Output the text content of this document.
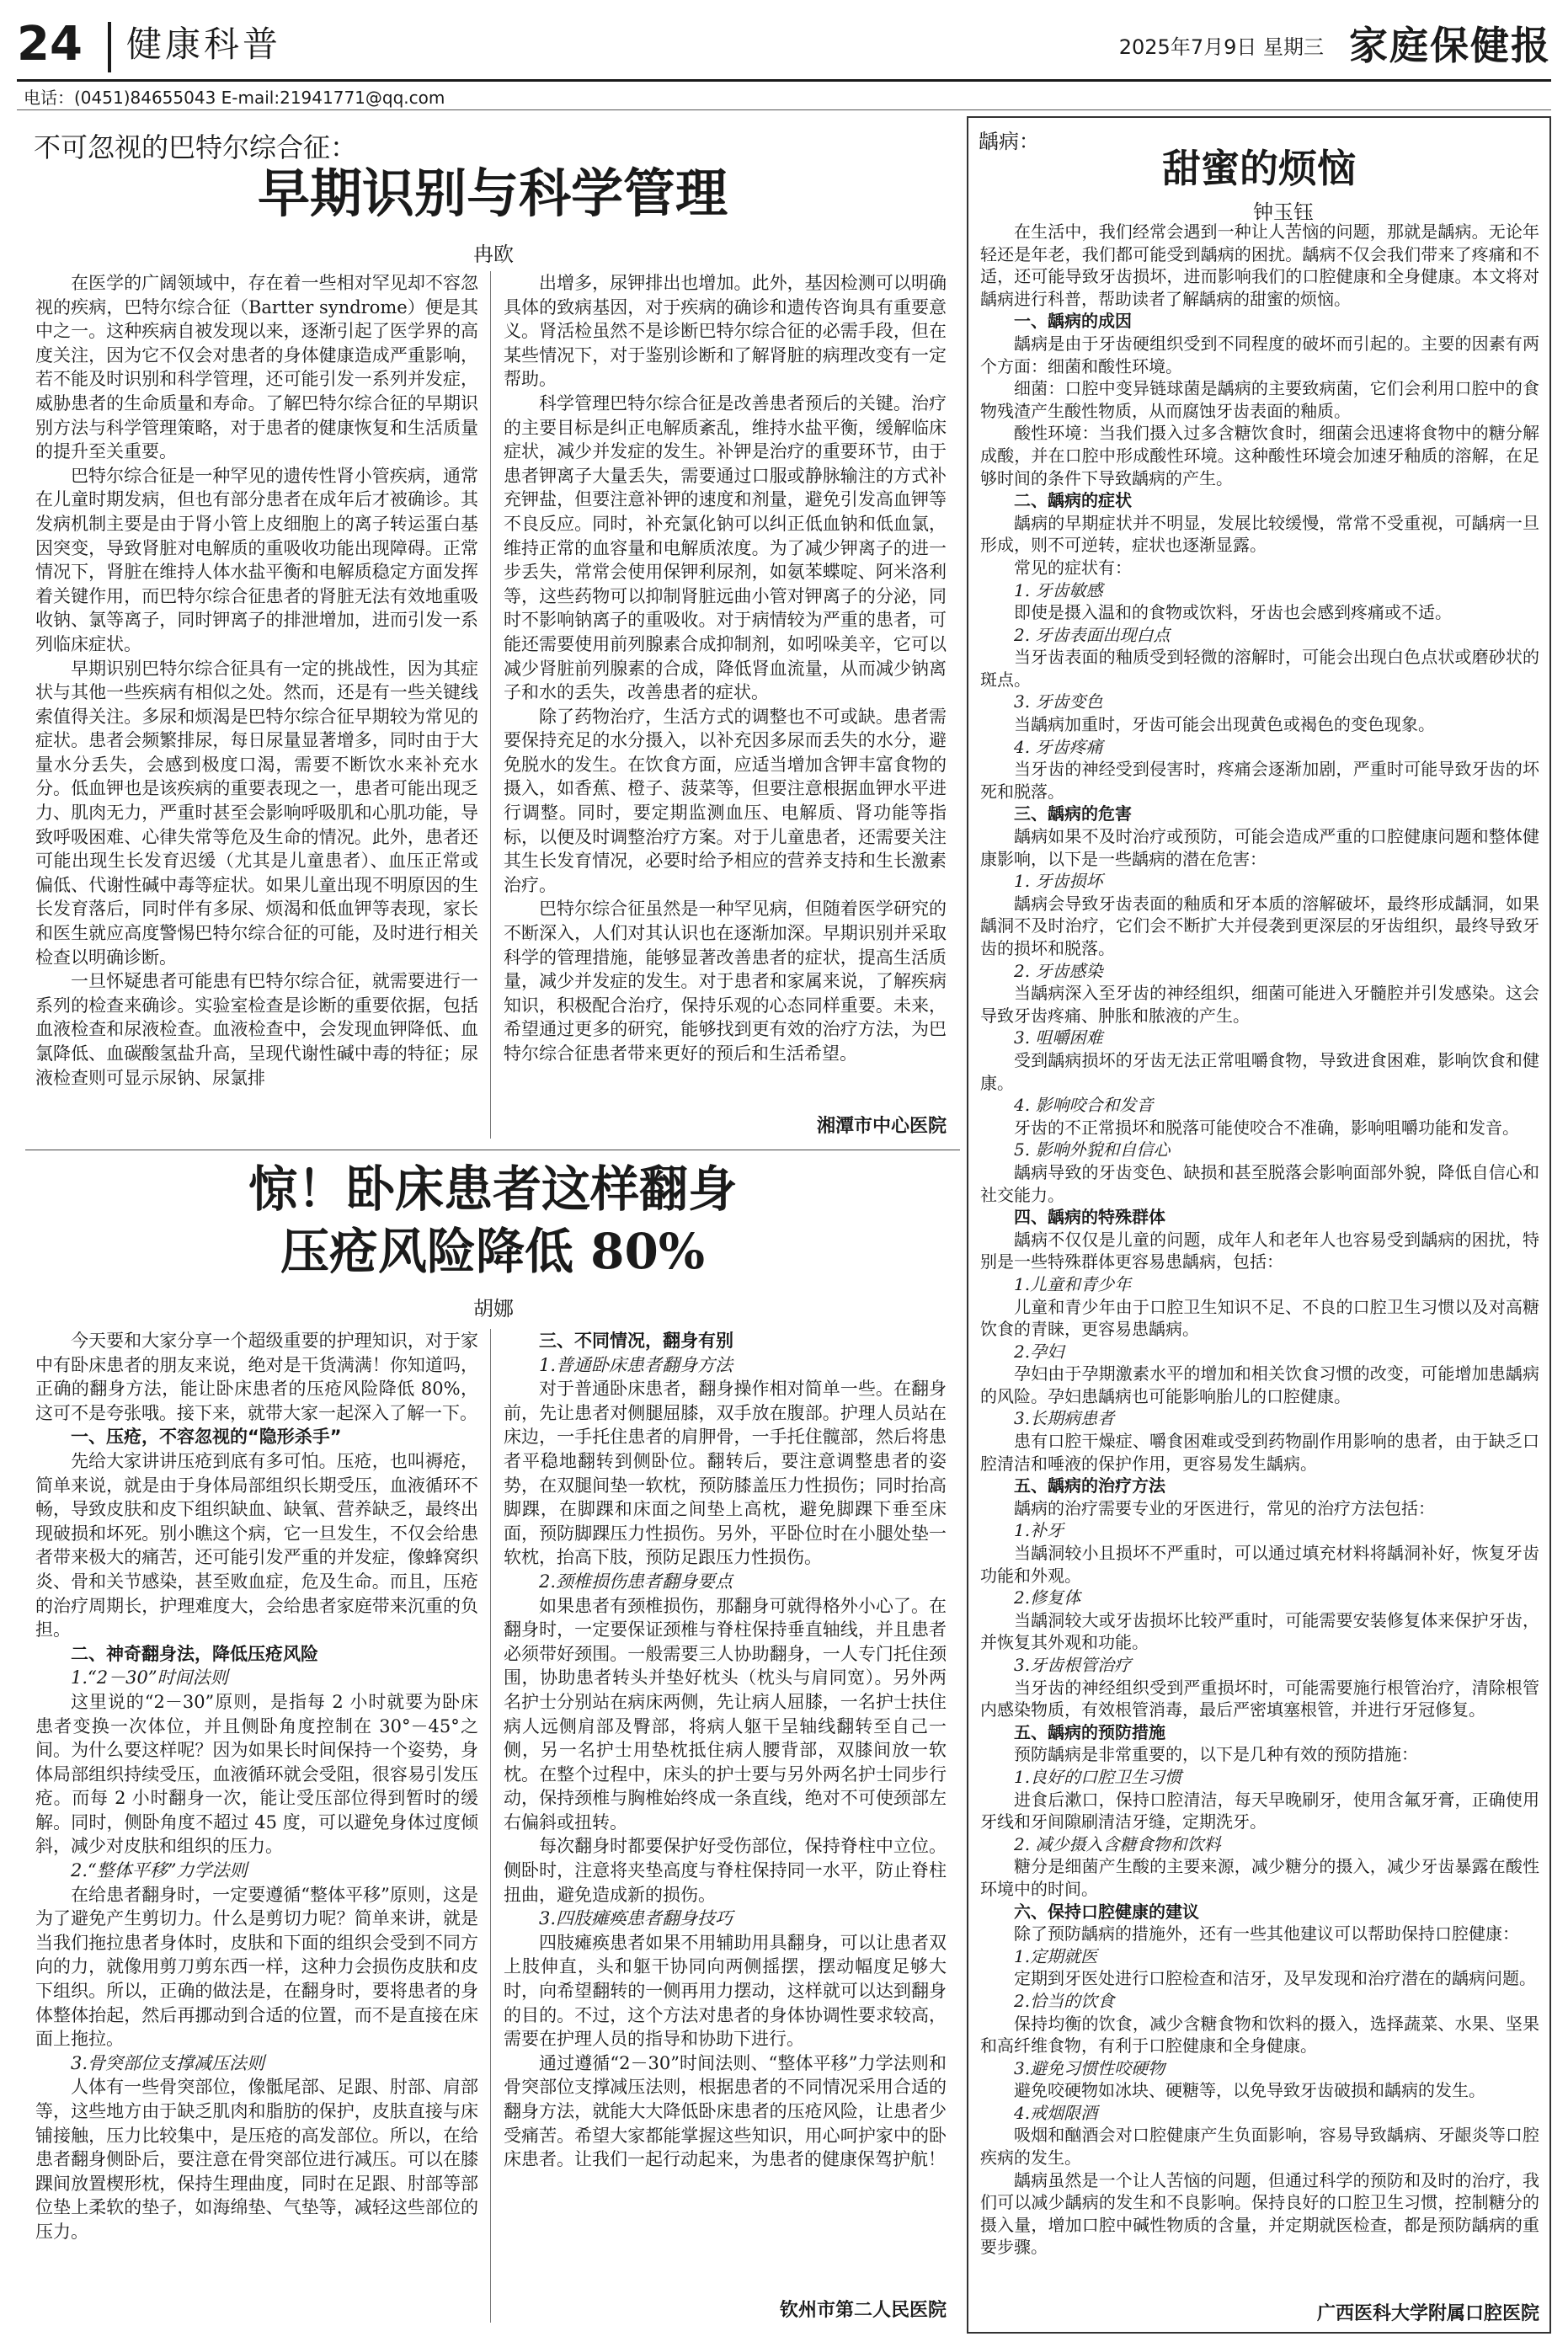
24 健康科普	2025年7月9日 星期三 家庭保健报
电话：(0451)84655043 E-mail:21941771@qq.com
不可忽视的巴特尔综合征：
早期识别与科学管理
冉欧

在医学的广阔领域中，存在着一些相对罕见却不容忽视的疾病，巴特尔综合征（Bartter syndrome）便是其中之一。这种疾病自被发现以来，逐渐引起了医学界的高度关注，因为它不仅会对患者的身体健康造成严重影响，若不能及时识别和科学管理，还可能引发一系列并发症，威胁患者的生命质量和寿命。了解巴特尔综合征的早期识别方法与科学管理策略，对于患者的健康恢复和生活质量的提升至关重要。

巴特尔综合征是一种罕见的遗传性肾小管疾病，通常在儿童时期发病，但也有部分患者在成年后才被确诊。其发病机制主要是由于肾小管上皮细胞上的离子转运蛋白基因突变，导致肾脏对电解质的重吸收功能出现障碍。正常情况下，肾脏在维持人体水盐平衡和电解质稳定方面发挥着关键作用，而巴特尔综合征患者的肾脏无法有效地重吸收钠、氯等离子，同时钾离子的排泄增加，进而引发一系列临床症状。

早期识别巴特尔综合征具有一定的挑战性，因为其症状与其他一些疾病有相似之处。然而，还是有一些关键线索值得关注。多尿和烦渴是巴特尔综合征早期较为常见的症状。患者会频繁排尿，每日尿量显著增多，同时由于大量水分丢失，会感到极度口渴，需要不断饮水来补充水分。低血钾也是该疾病的重要表现之一，患者可能出现乏力、肌肉无力，严重时甚至会影响呼吸肌和心肌功能，导致呼吸困难、心律失常等危及生命的情况。此外，患者还可能出现生长发育迟缓（尤其是儿童患者）、血压正常或偏低、代谢性碱中毒等症状。如果儿童出现不明原因的生长发育落后，同时伴有多尿、烦渴和低血钾等表现，家长和医生就应高度警惕巴特尔综合征的可能，及时进行相关检查以明确诊断。

一旦怀疑患者可能患有巴特尔综合征，就需要进行一系列的检查来确诊。实验室检查是诊断的重要依据，包括血液检查和尿液检查。血液检查中，会发现血钾降低、血氯降低、血碳酸氢盐升高，呈现代谢性碱中毒的特征；尿液检查则可显示尿钠、尿氯排

出增多，尿钾排出也增加。此外，基因检测可以明确具体的致病基因，对于疾病的确诊和遗传咨询具有重要意义。肾活检虽然不是诊断巴特尔综合征的必需手段，但在某些情况下，对于鉴别诊断和了解肾脏的病理改变有一定帮助。

科学管理巴特尔综合征是改善患者预后的关键。治疗的主要目标是纠正电解质紊乱，维持水盐平衡，缓解临床症状，减少并发症的发生。补钾是治疗的重要环节，由于患者钾离子大量丢失，需要通过口服或静脉输注的方式补充钾盐，但要注意补钾的速度和剂量，避免引发高血钾等不良反应。同时，补充氯化钠可以纠正低血钠和低血氯，维持正常的血容量和电解质浓度。为了减少钾离子的进一步丢失，常常会使用保钾利尿剂，如氨苯蝶啶、阿米洛利等，这些药物可以抑制肾脏远曲小管对钾离子的分泌，同时不影响钠离子的重吸收。对于病情较为严重的患者，可能还需要使用前列腺素合成抑制剂，如吲哚美辛，它可以减少肾脏前列腺素的合成，降低肾血流量，从而减少钠离子和水的丢失，改善患者的症状。

除了药物治疗，生活方式的调整也不可或缺。患者需要保持充足的水分摄入，以补充因多尿而丢失的水分，避免脱水的发生。在饮食方面，应适当增加含钾丰富食物的摄入，如香蕉、橙子、菠菜等，但要注意根据血钾水平进行调整。同时，要定期监测血压、电解质、肾功能等指标，以便及时调整治疗方案。对于儿童患者，还需要关注其生长发育情况，必要时给予相应的营养支持和生长激素治疗。

巴特尔综合征虽然是一种罕见病，但随着医学研究的不断深入，人们对其认识也在逐渐加深。早期识别并采取科学的管理措施，能够显著改善患者的症状，提高生活质量，减少并发症的发生。对于患者和家属来说，了解疾病知识，积极配合治疗，保持乐观的心态同样重要。未来，希望通过更多的研究，能够找到更有效的治疗方法，为巴特尔综合征患者带来更好的预后和生活希望。

湘潭市中心医院
惊！卧床患者这样翻身
压疮风险降低 80%
胡娜

今天要和大家分享一个超级重要的护理知识，对于家中有卧床患者的朋友来说，绝对是干货满满！你知道吗，正确的翻身方法，能让卧床患者的压疮风险降低 80%，这可不是夸张哦。接下来，就带大家一起深入了解一下。

一、压疮，不容忽视的“隐形杀手”

先给大家讲讲压疮到底有多可怕。压疮，也叫褥疮，简单来说，就是由于身体局部组织长期受压，血液循环不畅，导致皮肤和皮下组织缺血、缺氧、营养缺乏，最终出现破损和坏死。别小瞧这个病，它一旦发生，不仅会给患者带来极大的痛苦，还可能引发严重的并发症，像蜂窝织炎、骨和关节感染，甚至败血症，危及生命。而且，压疮的治疗周期长，护理难度大，会给患者家庭带来沉重的负担。

二、神奇翻身法，降低压疮风险

1.“2－30”时间法则

这里说的“2－30”原则，是指每 2 小时就要为卧床患者变换一次体位，并且侧卧角度控制在 30°－45°之间。为什么要这样呢？因为如果长时间保持一个姿势，身体局部组织持续受压，血液循环就会受阻，很容易引发压疮。而每 2 小时翻身一次，能让受压部位得到暂时的缓解。同时，侧卧角度不超过 45 度，可以避免身体过度倾斜，减少对皮肤和组织的压力。

2.“整体平移”力学法则

在给患者翻身时，一定要遵循“整体平移”原则，这是为了避免产生剪切力。什么是剪切力呢？简单来讲，就是当我们拖拉患者身体时，皮肤和下面的组织会受到不同方向的力，就像用剪刀剪东西一样，这种力会损伤皮肤和皮下组织。所以，正确的做法是，在翻身时，要将患者的身体整体抬起，然后再挪动到合适的位置，而不是直接在床面上拖拉。

3.骨突部位支撑减压法则

人体有一些骨突部位，像骶尾部、足跟、肘部、肩部等，这些地方由于缺乏肌肉和脂肪的保护，皮肤直接与床铺接触，压力比较集中，是压疮的高发部位。所以，在给患者翻身侧卧后，要注意在骨突部位进行减压。可以在膝踝间放置楔形枕，保持生理曲度，同时在足跟、肘部等部位垫上柔软的垫子，如海绵垫、气垫等，减轻这些部位的压力。

三、不同情况，翻身有别

1.普通卧床患者翻身方法

对于普通卧床患者，翻身操作相对简单一些。在翻身前，先让患者对侧腿屈膝，双手放在腹部。护理人员站在床边，一手托住患者的肩胛骨，一手托住髋部，然后将患者平稳地翻转到侧卧位。翻转后，要注意调整患者的姿势，在双腿间垫一软枕，预防膝盖压力性损伤；同时抬高脚踝，在脚踝和床面之间垫上高枕，避免脚踝下垂至床面，预防脚踝压力性损伤。另外，平卧位时在小腿处垫一软枕，抬高下肢，预防足跟压力性损伤。

2.颈椎损伤患者翻身要点

如果患者有颈椎损伤，那翻身可就得格外小心了。在翻身时，一定要保证颈椎与脊柱保持垂直轴线，并且患者必须带好颈围。一般需要三人协助翻身，一人专门托住颈围，协助患者转头并垫好枕头（枕头与肩同宽）。另外两名护士分别站在病床两侧，先让病人屈膝，一名护士扶住病人远侧肩部及臀部，将病人躯干呈轴线翻转至自己一侧，另一名护士用垫枕抵住病人腰背部，双膝间放一软枕。在整个过程中，床头的护士要与另外两名护士同步行动，保持颈椎与胸椎始终成一条直线，绝对不可使颈部左右偏斜或扭转。

每次翻身时都要保护好受伤部位，保持脊柱中立位。侧卧时，注意将夹垫高度与脊柱保持同一水平，防止脊柱扭曲，避免造成新的损伤。

3.四肢瘫痪患者翻身技巧

四肢瘫痪患者如果不用辅助用具翻身，可以让患者双上肢伸直，头和躯干协同向两侧摇摆，摆动幅度足够大时，向希望翻转的一侧再用力摆动，这样就可以达到翻身的目的。不过，这个方法对患者的身体协调性要求较高，需要在护理人员的指导和协助下进行。

通过遵循“2－30”时间法则、“整体平移”力学法则和骨突部位支撑减压法则，根据患者的不同情况采用合适的翻身方法，就能大大降低卧床患者的压疮风险，让患者少受痛苦。希望大家都能掌握这些知识，用心呵护家中的卧床患者。让我们一起行动起来，为患者的健康保驾护航！

钦州市第二人民医院
龋病：
甜蜜的烦恼
钟玉钰

在生活中，我们经常会遇到一种让人苦恼的问题，那就是龋病。无论年轻还是年老，我们都可能受到龋病的困扰。龋病不仅会我们带来了疼痛和不适，还可能导致牙齿损坏，进而影响我们的口腔健康和全身健康。本文将对龋病进行科普，帮助读者了解龋病的甜蜜的烦恼。

一、龋病的成因

龋病是由于牙齿硬组织受到不同程度的破坏而引起的。主要的因素有两个方面：细菌和酸性环境。

细菌：口腔中变异链球菌是龋病的主要致病菌，它们会利用口腔中的食物残渣产生酸性物质，从而腐蚀牙齿表面的釉质。

酸性环境：当我们摄入过多含糖饮食时，细菌会迅速将食物中的糖分解成酸，并在口腔中形成酸性环境。这种酸性环境会加速牙釉质的溶解，在足够时间的条件下导致龋病的产生。

二、龋病的症状

龋病的早期症状并不明显，发展比较缓慢，常常不受重视，可龋病一旦形成，则不可逆转，症状也逐渐显露。

常见的症状有：

1. 牙齿敏感

即使是摄入温和的食物或饮料，牙齿也会感到疼痛或不适。

2. 牙齿表面出现白点

当牙齿表面的釉质受到轻微的溶解时，可能会出现白色点状或磨砂状的斑点。

3. 牙齿变色

当龋病加重时，牙齿可能会出现黄色或褐色的变色现象。

4. 牙齿疼痛

当牙齿的神经受到侵害时，疼痛会逐渐加剧，严重时可能导致牙齿的坏死和脱落。

三、龋病的危害

龋病如果不及时治疗或预防，可能会造成严重的口腔健康问题和整体健康影响，以下是一些龋病的潜在危害：

1. 牙齿损坏

龋病会导致牙齿表面的釉质和牙本质的溶解破坏，最终形成龋洞，如果龋洞不及时治疗，它们会不断扩大并侵袭到更深层的牙齿组织，最终导致牙齿的损坏和脱落。

2. 牙齿感染

当龋病深入至牙齿的神经组织，细菌可能进入牙髓腔并引发感染。这会导致牙齿疼痛、肿胀和脓液的产生。

3. 咀嚼困难

受到龋病损坏的牙齿无法正常咀嚼食物，导致进食困难，影响饮食和健康。

4. 影响咬合和发音

牙齿的不正常损坏和脱落可能使咬合不准确，影响咀嚼功能和发音。

5. 影响外貌和自信心

龋病导致的牙齿变色、缺损和甚至脱落会影响面部外貌，降低自信心和社交能力。

四、龋病的特殊群体

龋病不仅仅是儿童的问题，成年人和老年人也容易受到龋病的困扰，特别是一些特殊群体更容易患龋病，包括：

1.儿童和青少年

儿童和青少年由于口腔卫生知识不足、不良的口腔卫生习惯以及对高糖饮食的青睐，更容易患龋病。

2.孕妇

孕妇由于孕期激素水平的增加和相关饮食习惯的改变，可能增加患龋病的风险。孕妇患龋病也可能影响胎儿的口腔健康。

3.长期病患者

患有口腔干燥症、嚼食困难或受到药物副作用影响的患者，由于缺乏口腔清洁和唾液的保护作用，更容易发生龋病。

五、龋病的治疗方法

龋病的治疗需要专业的牙医进行，常见的治疗方法包括：

1.补牙

当龋洞较小且损坏不严重时，可以通过填充材料将龋洞补好，恢复牙齿功能和外观。

2.修复体

当龋洞较大或牙齿损坏比较严重时，可能需要安装修复体来保护牙齿，并恢复其外观和功能。

3.牙齿根管治疗

当牙齿的神经组织受到严重损坏时，可能需要施行根管治疗，清除根管内感染物质，有效根管消毒，最后严密填塞根管，并进行牙冠修复。

五、龋病的预防措施

预防龋病是非常重要的，以下是几种有效的预防措施：

1.良好的口腔卫生习惯

进食后漱口，保持口腔清洁，每天早晚刷牙，使用含氟牙膏，正确使用牙线和牙间隙刷清洁牙缝，定期洗牙。

2. 减少摄入含糖食物和饮料

糖分是细菌产生酸的主要来源，减少糖分的摄入，减少牙齿暴露在酸性环境中的时间。

六、保持口腔健康的建议

除了预防龋病的措施外，还有一些其他建议可以帮助保持口腔健康：

1.定期就医

定期到牙医处进行口腔检查和洁牙，及早发现和治疗潜在的龋病问题。

2.恰当的饮食

保持均衡的饮食，减少含糖食物和饮料的摄入，选择蔬菜、水果、坚果和高纤维食物，有利于口腔健康和全身健康。

3.避免习惯性咬硬物

避免咬硬物如冰块、硬糖等，以免导致牙齿破损和龋病的发生。

4.戒烟限酒

吸烟和酗酒会对口腔健康产生负面影响，容易导致龋病、牙龈炎等口腔疾病的发生。

龋病虽然是一个让人苦恼的问题，但通过科学的预防和及时的治疗，我们可以减少龋病的发生和不良影响。保持良好的口腔卫生习惯，控制糖分的摄入量，增加口腔中碱性物质的含量，并定期就医检查，都是预防龋病的重要步骤。

广西医科大学附属口腔医院
